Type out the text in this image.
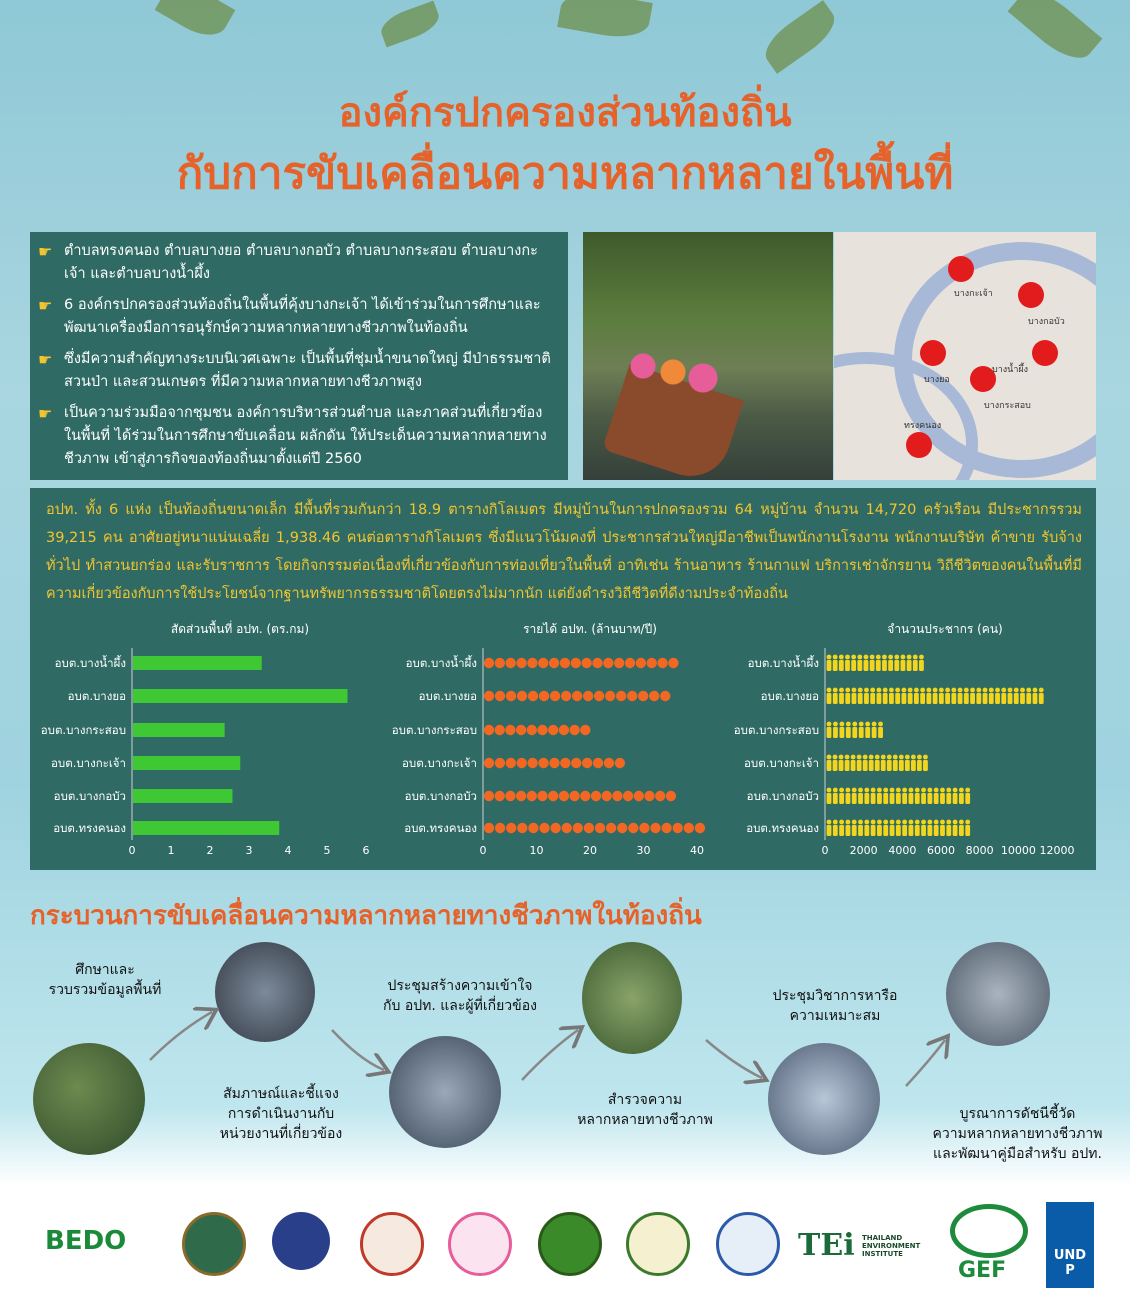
องค์กรปกครองส่วนท้องถิ่น
กับการขับเคลื่อนความหลากหลายในพื้นที่
☛ ตำบลทรงคนอง ตำบลบางยอ ตำบลบางกอบัว ตำบลบางกระสอบ ตำบลบางกะเจ้า และตำบลบางน้ำผึ้ง

☛ 6 องค์กรปกครองส่วนท้องถิ่นในพื้นที่คุ้งบางกะเจ้า ได้เข้าร่วมในการศึกษาและพัฒนาเครื่องมือการอนุรักษ์ความหลากหลายทางชีวภาพในท้องถิ่น

☛ ซึ่งมีความสำคัญทางระบบนิเวศเฉพาะ เป็นพื้นที่ชุ่มน้ำขนาดใหญ่ มีป่าธรรมชาติ สวนป่า และสวนเกษตร ที่มีความหลากหลายทางชีวภาพสูง

☛ เป็นความร่วมมือจากชุมชน องค์การบริหารส่วนตำบล และภาคส่วนที่เกี่ยวข้องในพื้นที่ ได้ร่วมในการศึกษาขับเคลื่อน ผลักดัน ให้ประเด็นความหลากหลายทางชีวภาพ เข้าสู่ภารกิจของท้องถิ่นมาตั้งแต่ปี 2560

บางกะเจ้า
บางกอบัว
บางน้ำผึ้ง
บางยอ
บางกระสอบ
ทรงคนอง

อปท. ทั้ง 6 แห่ง เป็นท้องถิ่นขนาดเล็ก มีพื้นที่รวมกันกว่า 18.9 ตารางกิโลเมตร มีหมู่บ้านในการปกครองรวม 64 หมู่บ้าน จำนวน 14,720 ครัวเรือน มีประชากรรวม 39,215 คน อาศัยอยู่หนาแน่นเฉลี่ย 1,938.46 คนต่อตารางกิโลเมตร ซึ่งมีแนวโน้มคงที่ ประชากรส่วนใหญ่มีอาชีพเป็นพนักงานโรงงาน พนักงานบริษัท ค้าขาย รับจ้างทั่วไป ทำสวนยกร่อง และรับราชการ โดยกิจกรรมต่อเนื่องที่เกี่ยวข้องกับการท่องเที่ยวในพื้นที่ อาทิเช่น ร้านอาหาร ร้านกาแฟ บริการเช่าจักรยาน วิถีชีวิตของคนในพื้นที่มีความเกี่ยวข้องกับการใช้ประโยชน์จากฐานทรัพยากรธรรมชาติโดยตรงไม่มากนัก แต่ยังดำรงวิถีชีวิตที่ดีงามประจำท้องถิ่น

สัดส่วนพื้นที่ อปท. (ตร.กม)
0	1	2	3	4	5	6
อบต.บางน้ำผึ้ง
อบต.บางยอ
อบต.บางกระสอบ
อบต.บางกะเจ้า
อบต.บางกอบัว
อบต.ทรงคนอง
รายได้ อปท. (ล้านบาท/ปี)
0	10	20	30	40
อบต.บางน้ำผึ้ง
อบต.บางยอ
อบต.บางกระสอบ
อบต.บางกะเจ้า
อบต.บางกอบัว
อบต.ทรงคนอง
จำนวนประชากร (คน)
0 2000 4000 6000 8000 10000 12000
อบต.บางน้ำผึ้ง
อบต.บางยอ
อบต.บางกระสอบ
อบต.บางกะเจ้า
อบต.บางกอบัว
อบต.ทรงคนอง
กระบวนการขับเคลื่อนความหลากหลายทางชีวภาพในท้องถิ่น
ศึกษาและ
รวบรวมข้อมูลพื้นที่
สัมภาษณ์และชี้แจง
การดำเนินงานกับ
หน่วยงานที่เกี่ยวข้อง
ประชุมสร้างความเข้าใจ
กับ อปท. และผู้ที่เกี่ยวข้อง
สำรวจความ
หลากหลายทางชีวภาพ
ประชุมวิชาการหารือ
ความเหมาะสม
บูรณาการดัชนีชี้วัด
ความหลากหลายทางชีวภาพ
และพัฒนาคู่มือสำหรับ อปท.
BEDO	TEi THAILAND
ENVIRONMENT
INSTITUTE
GEF
UNDP
